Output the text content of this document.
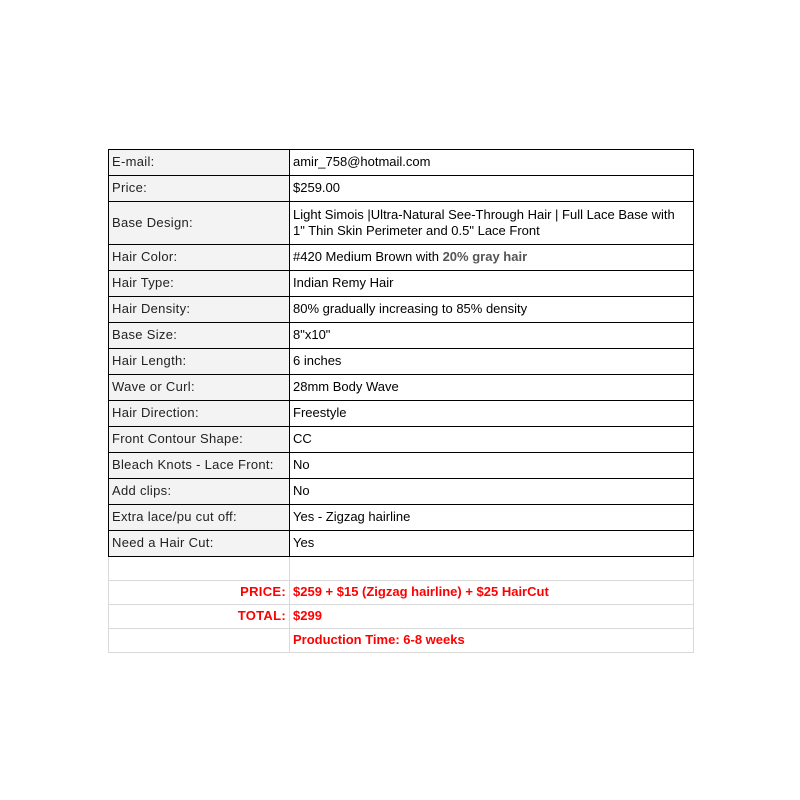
E-mail:	amir_758@hotmail.com
Price:	$259.00
Base Design:	Light Simois |Ultra-Natural See-Through Hair | Full Lace Base with 1" Thin Skin Perimeter and 0.5" Lace Front
Hair Color:	#420 Medium Brown with 20% gray hair
Hair Type:	Indian Remy Hair
Hair Density:	80% gradually increasing to 85% density
Base Size:	8"x10"
Hair Length:	6 inches
Wave or Curl:	28mm Body Wave
Hair Direction:	Freestyle
Front Contour Shape:	CC
Bleach Knots - Lace Front:	No
Add clips:	No
Extra lace/pu cut off:	Yes - Zigzag hairline
Need a Hair Cut:	Yes

PRICE:	$259 + $15 (Zigzag hairline) + $25 HairCut
TOTAL:	$299
	Production Time: 6-8 weeks
